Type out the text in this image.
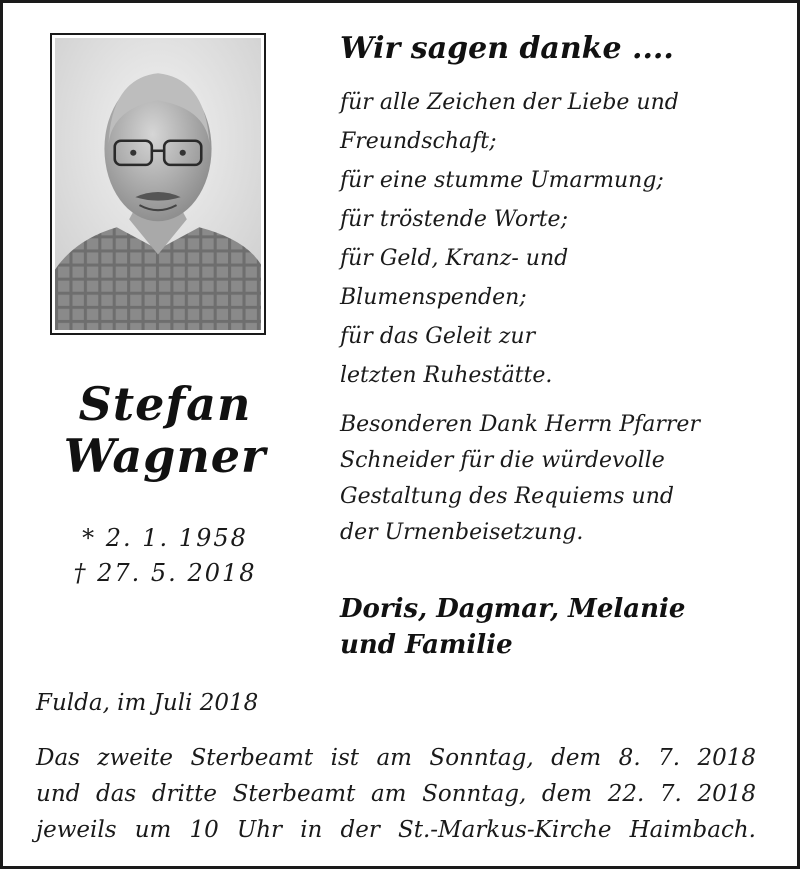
Stefan
Wagner
* 2. 1. 1958
† 27. 5. 2018
Wir sagen danke ....
für alle Zeichen der Liebe und
Freundschaft;
für eine stumme Umarmung;
für tröstende Worte;
für Geld, Kranz- und
Blumenspenden;
für das Geleit zur
letzten Ruhestätte.
Besonderen Dank Herrn Pfarrer
Schneider für die würdevolle
Gestaltung des Requiems und
der Urnenbeisetzung.
Doris, Dagmar, Melanie
und Familie
Fulda, im Juli 2018
Das zweite Sterbeamt ist am Sonntag, dem 8. 7. 2018
und das dritte Sterbeamt am Sonntag, dem 22. 7. 2018
jeweils um 10 Uhr in der St.-Markus-Kirche Haimbach.
